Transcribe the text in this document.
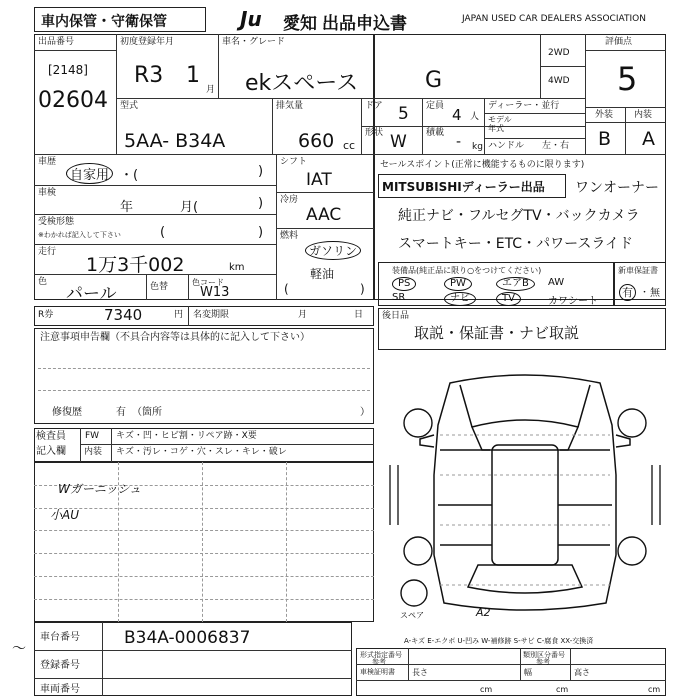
車内保管・守衛保管	Ju	愛知 出品申込書	JAPAN USED CAR DEALERS ASSOCIATION
出品番号
[2148]
02604
初度登録年月
R3 1
月
車名・グレード
ekスペース	G
2WD
4WD
評価点
5
型式
5AA- B34A
排気量
660 cc
ドア 5
形状 W
定員 4 人
積載
- kg
ディーラー・並行
モデル
年式
ハンドル 左・右
外装 内装
B A
車歴
自家用 ・(	)
車検
年	月(	)
受検形態
※わかれば記入して下さい	(	)
走行
1万3千002	km
色
パール	色替	色コード
W13
シフト
IAT
冷房
AAC
燃料
ガソリン
軽油
(	)
セールスポイント(正常に機能するものに限ります)
MITSUBISHIディーラー出品 ワンオーナー
純正ナビ・フルセグTV・バックカメラ
スマートキー・ETC・パワースライド
R券	7340	円 名変期限	月	日
装備品(純正品に限り○をつけてください)
PS	PW	エアB	AW
SR	ナビ	TV	カワシート
新車保証書
有 ・ 無
後日品
取説・保証書・ナビ取説
注意事項申告欄（不具合内容等は具体的に記入して下さい）
修復歴	有 （箇所	）
検査員
記入欄
FW キズ・凹・ヒビ割・リペア跡・X要
内装 キズ・汚レ・コゲ・穴・スレ・キレ・破レ
Wガーニッシュ
小AU
スペア	A2
A-キズ E-エクボ U-凹み W-補修跡 S-サビ C-腐食 XX-交換済
車台番号	B34A-0006837
登録番号
車両番号
〜	形式指定番号
参考
類別区分番号
参考
車検証明書 長さ	幅	高さ
cm	cm	cm
